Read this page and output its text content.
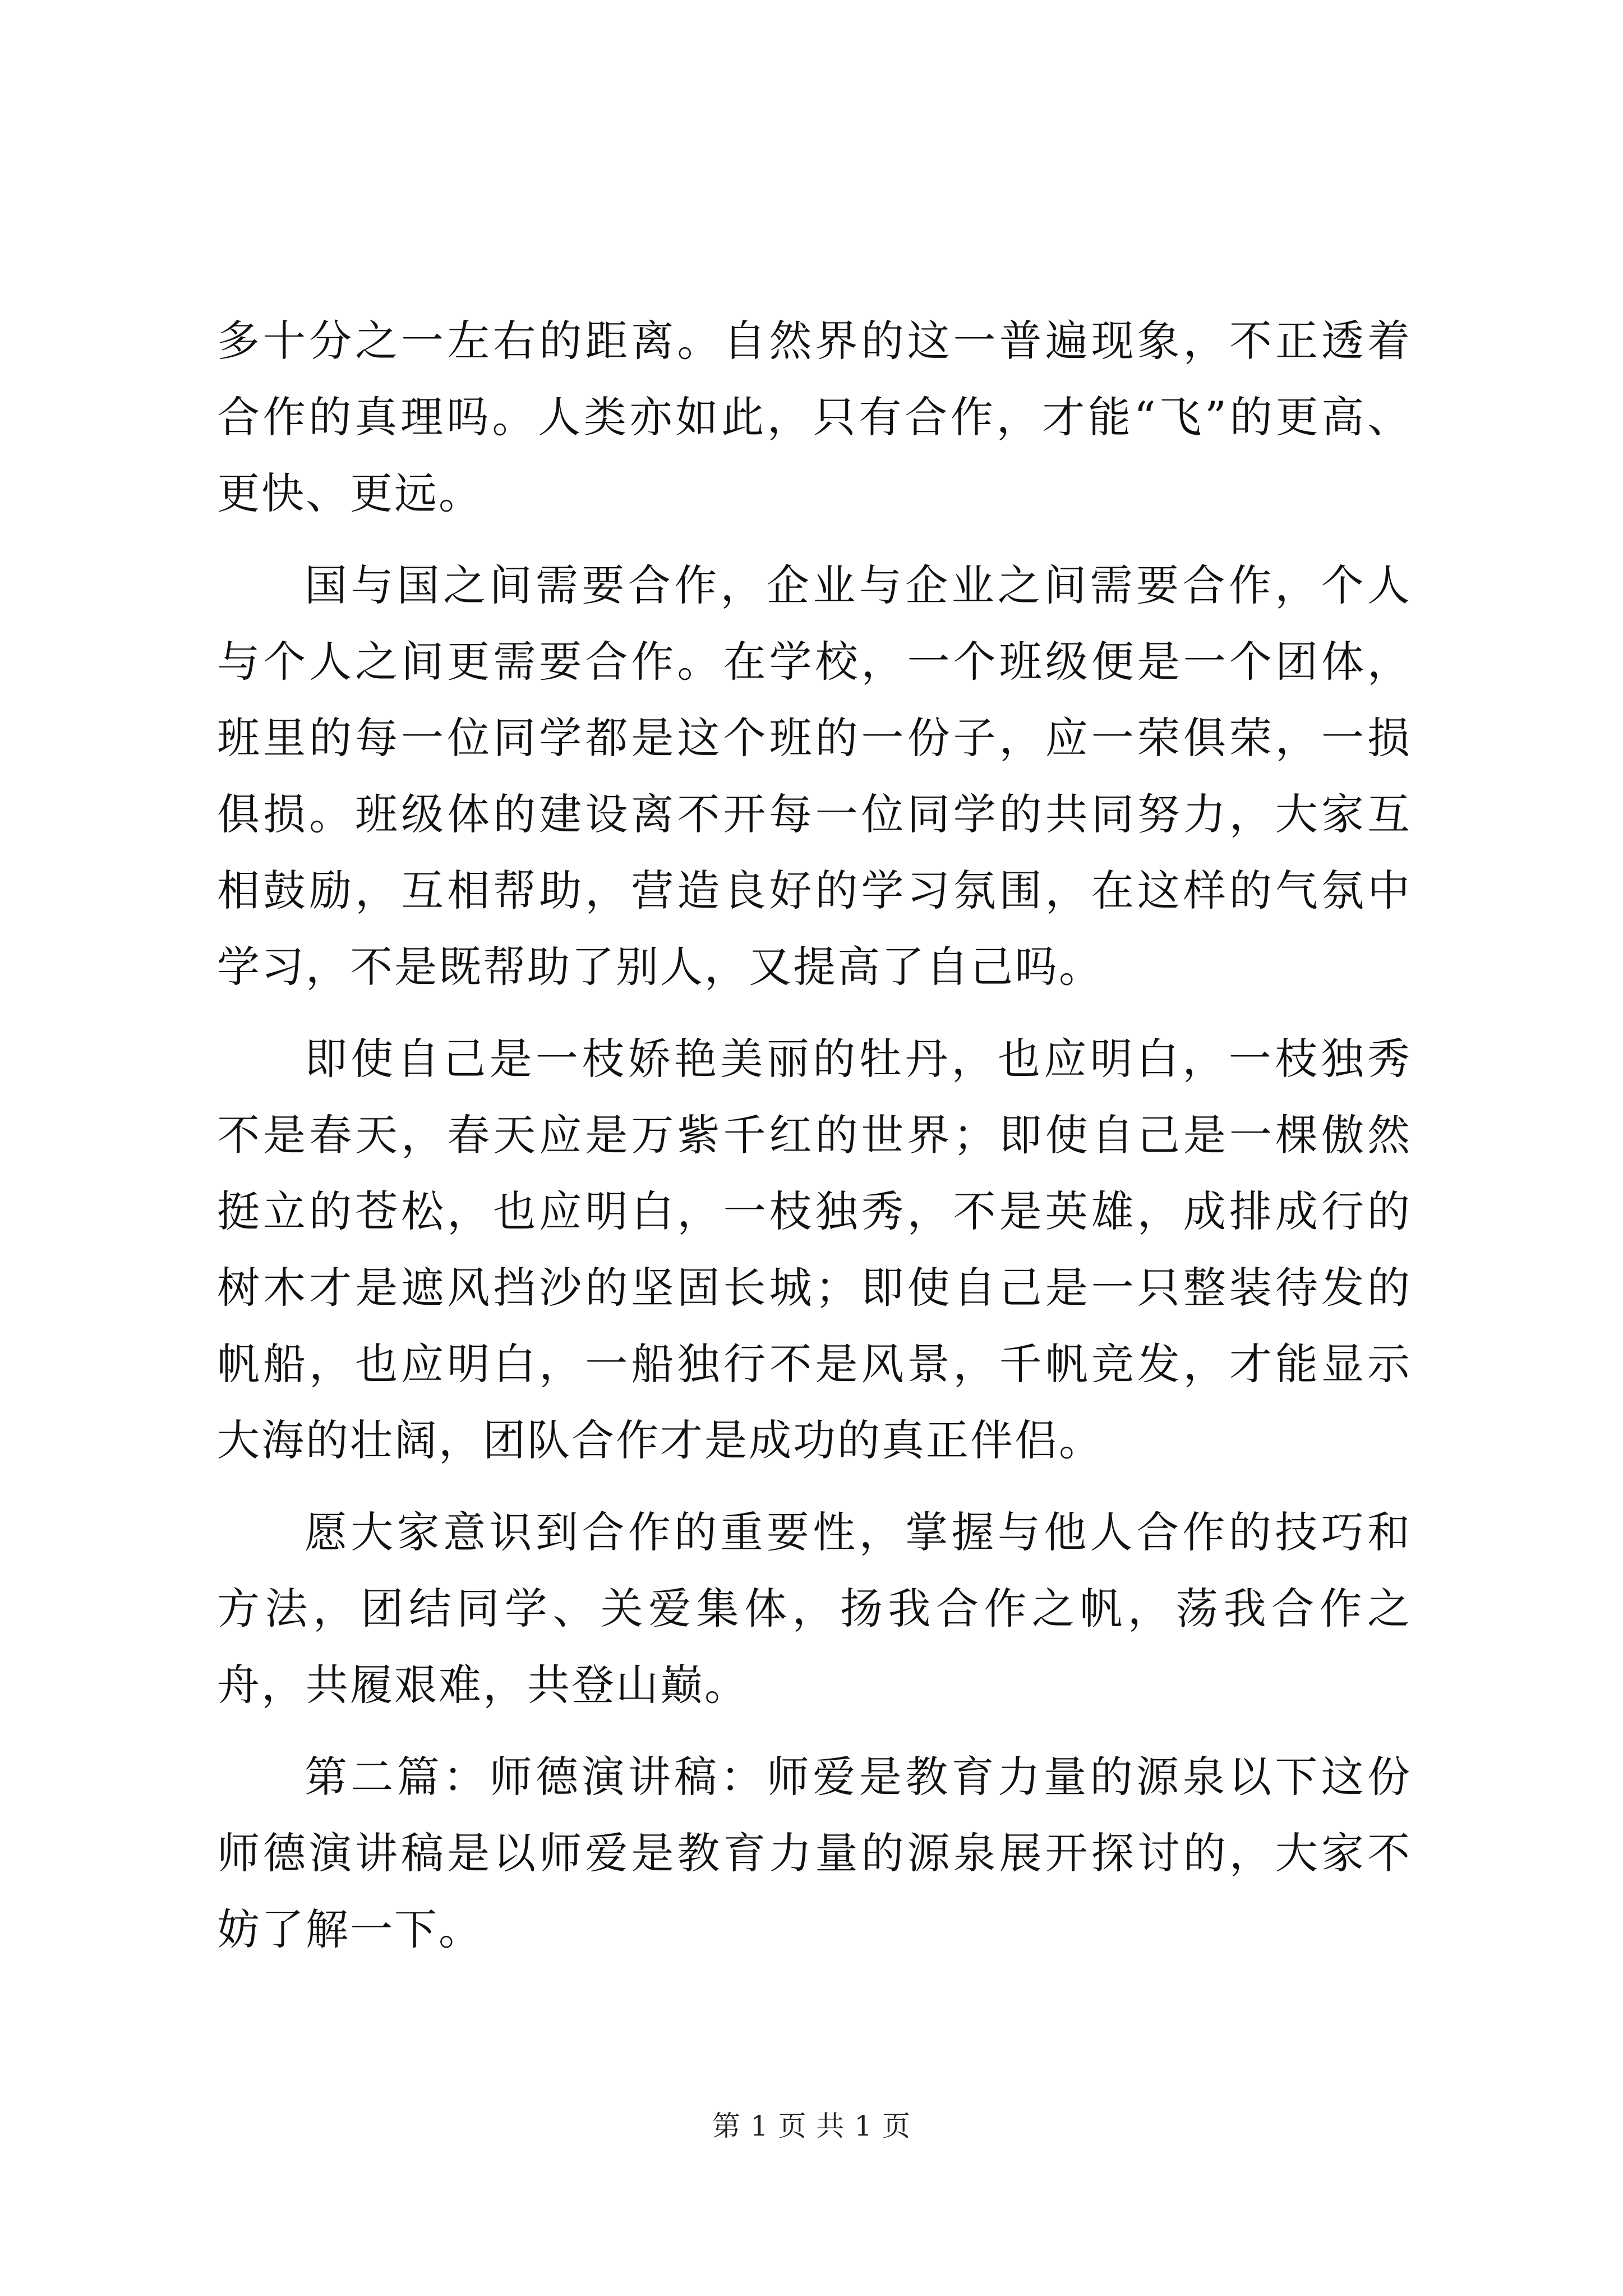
多十分之一左右的距离。自然界的这一普遍现象，不正透着合作的真理吗。人类亦如此，只有合作，才能“飞”的更高、更快、更远。

国与国之间需要合作，企业与企业之间需要合作，个人与个人之间更需要合作。在学校，一个班级便是一个团体，班里的每一位同学都是这个班的一份子，应一荣俱荣，一损俱损。班级体的建设离不开每一位同学的共同努力，大家互相鼓励，互相帮助，营造良好的学习氛围，在这样的气氛中学习，不是既帮助了别人，又提高了自己吗。

即使自己是一枝娇艳美丽的牡丹，也应明白，一枝独秀不是春天，春天应是万紫千红的世界；即使自己是一棵傲然挺立的苍松，也应明白，一枝独秀，不是英雄，成排成行的树木才是遮风挡沙的坚固长城；即使自己是一只整装待发的帆船，也应明白，一船独行不是风景，千帆竞发，才能显示大海的壮阔，团队合作才是成功的真正伴侣。

愿大家意识到合作的重要性，掌握与他人合作的技巧和方法，团结同学、关爱集体，扬我合作之帆，荡我合作之舟，共履艰难，共登山巅。

第二篇：师德演讲稿：师爱是教育力量的源泉以下这份师德演讲稿是以师爱是教育力量的源泉展开探讨的，大家不妨了解一下。

第 1 页 共 1 页
